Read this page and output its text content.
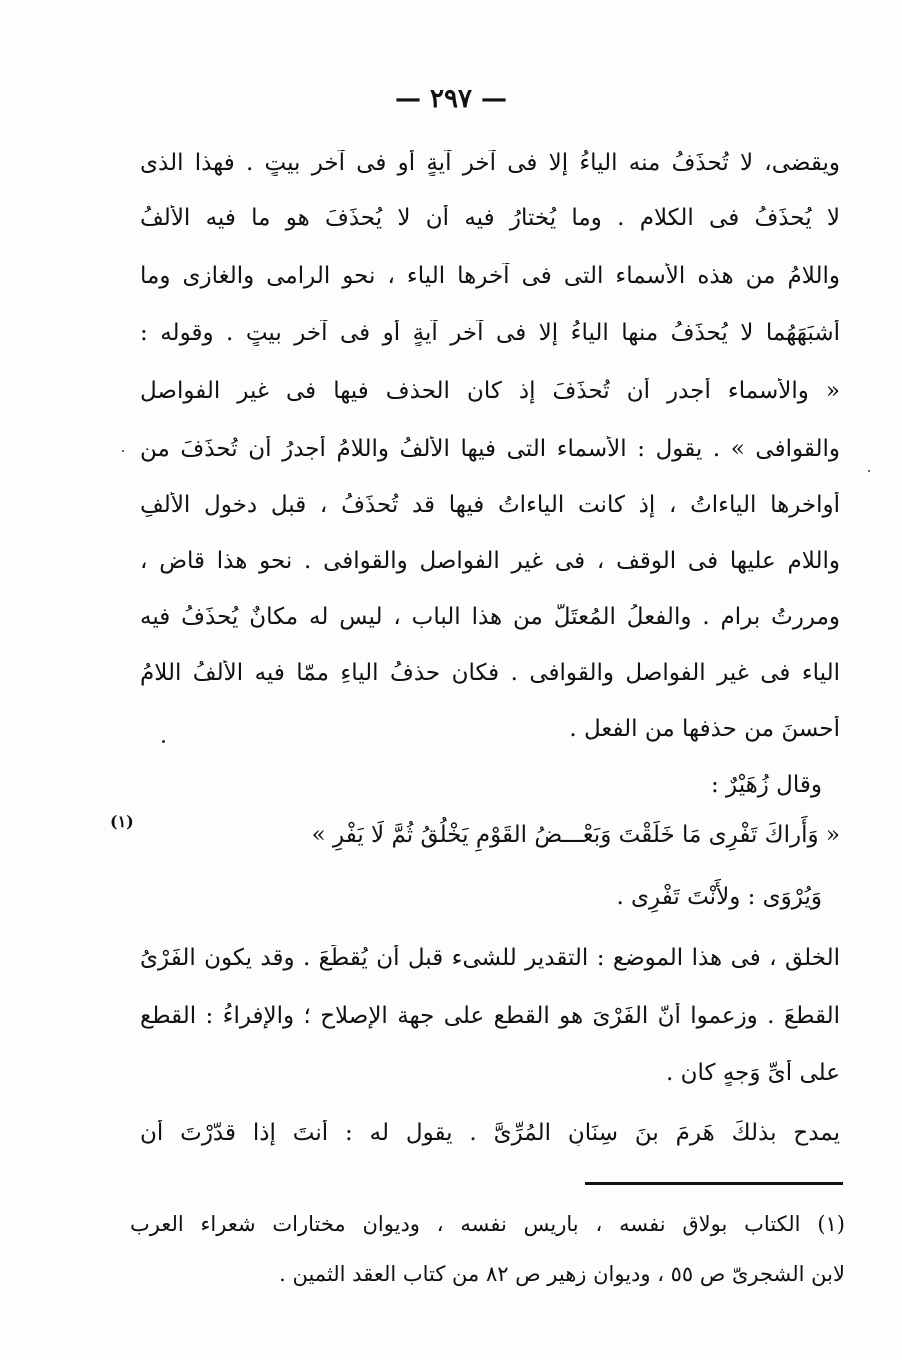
— ٢٩٧ —
ويقضى، لا تُحذَفُ منه الياءُ إلا فى آخرِ آيةٍ أو فى آخرِ بيتٍ . فهذا الذى
لا يُحذَفُ فى الكلام . وما يُختارُ فيه أن لا يُحذَفَ هو ما فيه الألفُ
واللامُ من هذه الأسماء التى فى آخرها الياء ، نحو الرامى والغازى وما
أشبَهَهُما لا يُحذَفُ منها الياءُ إلا فى آخرِ آيةٍ أو فى آخرِ بيتٍ . وقوله :
« والأسماء أجدر أن تُحذَفَ إذ كان الحذف فيها فى غير الفواصل
والقوافى » . يقول : الأسماء التى فيها الألفُ واللامُ أجدرُ أن تُحذَفَ من
أواخرها الياءاتُ ، إذ كانت الياءاتُ فيها قد تُحذَفُ ، قبل دخول الألفِ
واللامِ عليها فى الوقف ، فى غير الفواصل والقوافى . نحو هذا قاضٍ ،
ومررتُ برامٍ . والفعلُ المُعتَلُّ من هذا الباب ، ليس له مكانٌ يُحذَفُ فيه
الياء فى غير الفواصل والقوافى . فكان حذفُ الياءِ ممّا فيه الألفُ اللامُ
أحسنَ من حذفها من الفعل .
وقال زُهَيْرٌ :
« وَأَراكَ تَفْرِى مَا خَلَقْتَ وَبَعْـــضُ القَوْمِ يَخْلُقُ ثُمَّ لَا يَفْرِ »
(١)
وَيُرْوَى : ولأَنْتَ تَفْرِى .
الخلق ، فى هذا الموضع : التقدير للشىء قبل أن يُقطَعَ . وقد يكون الفَرْىُ
القطعَ . وزعموا أنّ الفَرْىَ هو القطع على جهة الإصلاح ؛ والإفراءُ : القطع
على أىِّ وَجهٍ كان .
يمدح بذلكَ هَرِمَ بنَ سِنَانٍ المُرِّىَّ . يقول له : أنتَ إذا قدّرْتَ أن
(١) الكتاب بولاق نفسه ، باريس نفسه ، وديوان مختارات شعراء العرب
لابن الشجرىّ ص ٥٥ ، وديوان زهير ص ٨٢ من كتاب العقد الثمين .
